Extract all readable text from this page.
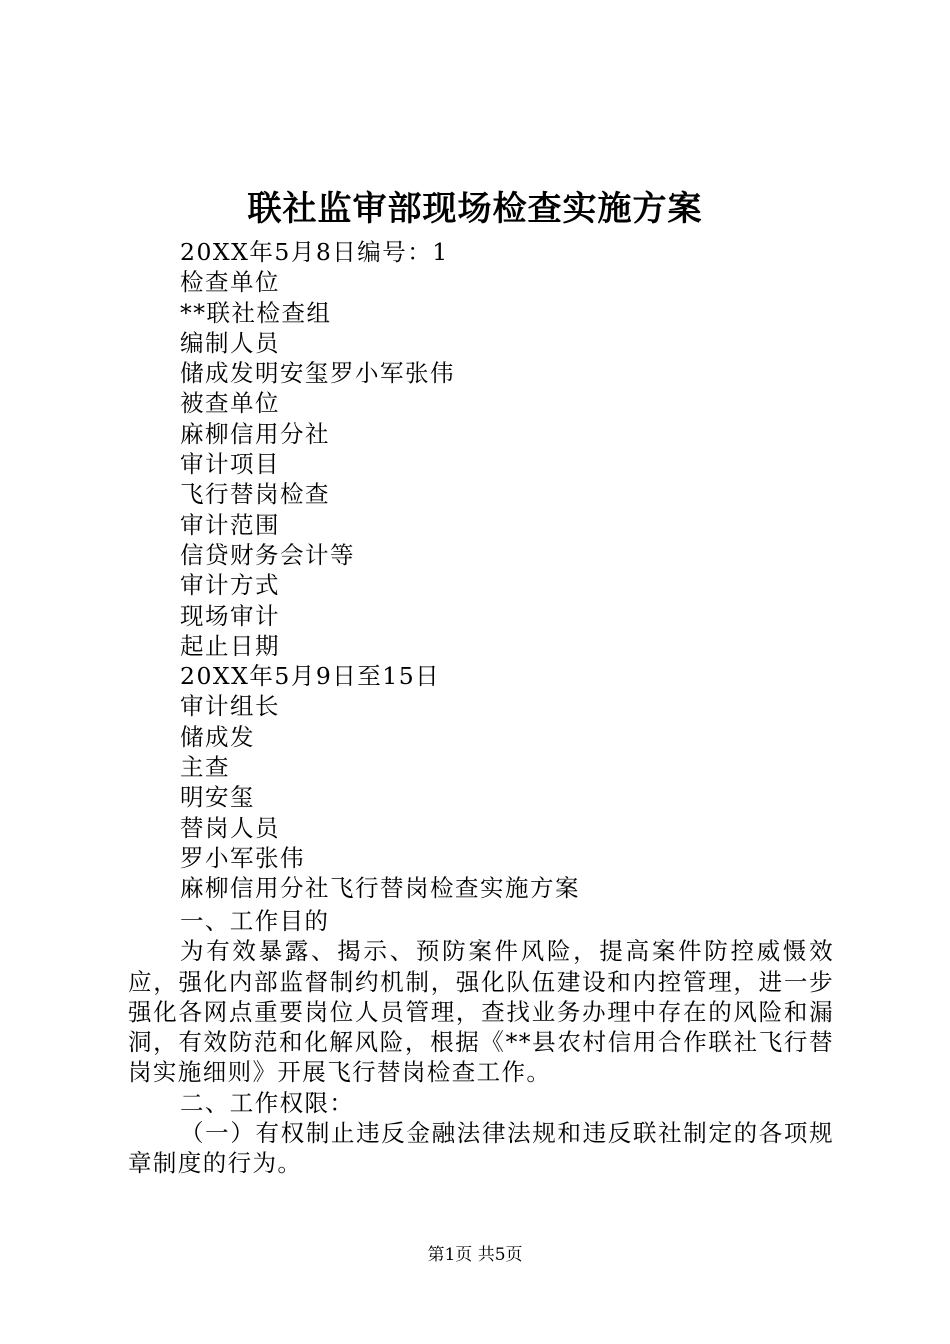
联社监审部现场检查实施方案
20XX年5月8日编号：1
检查单位
**联社检查组
编制人员
储成发明安玺罗小军张伟
被查单位
麻柳信用分社
审计项目
飞行替岗检查
审计范围
信贷财务会计等
审计方式
现场审计
起止日期
20XX年5月9日至15日
审计组长
储成发
主查
明安玺
替岗人员
罗小军张伟
麻柳信用分社飞行替岗检查实施方案
一、工作目的

为有效暴露、揭示、预防案件风险，提高案件防控威慑效应，强化内部监督制约机制，强化队伍建设和内控管理，进一步强化各网点重要岗位人员管理，查找业务办理中存在的风险和漏洞，有效防范和化解风险，根据《**县农村信用合作联社飞行替岗实施细则》开展飞行替岗检查工作。

二、工作权限：

（一）有权制止违反金融法律法规和违反联社制定的各项规章制度的行为。

第1页 共5页
